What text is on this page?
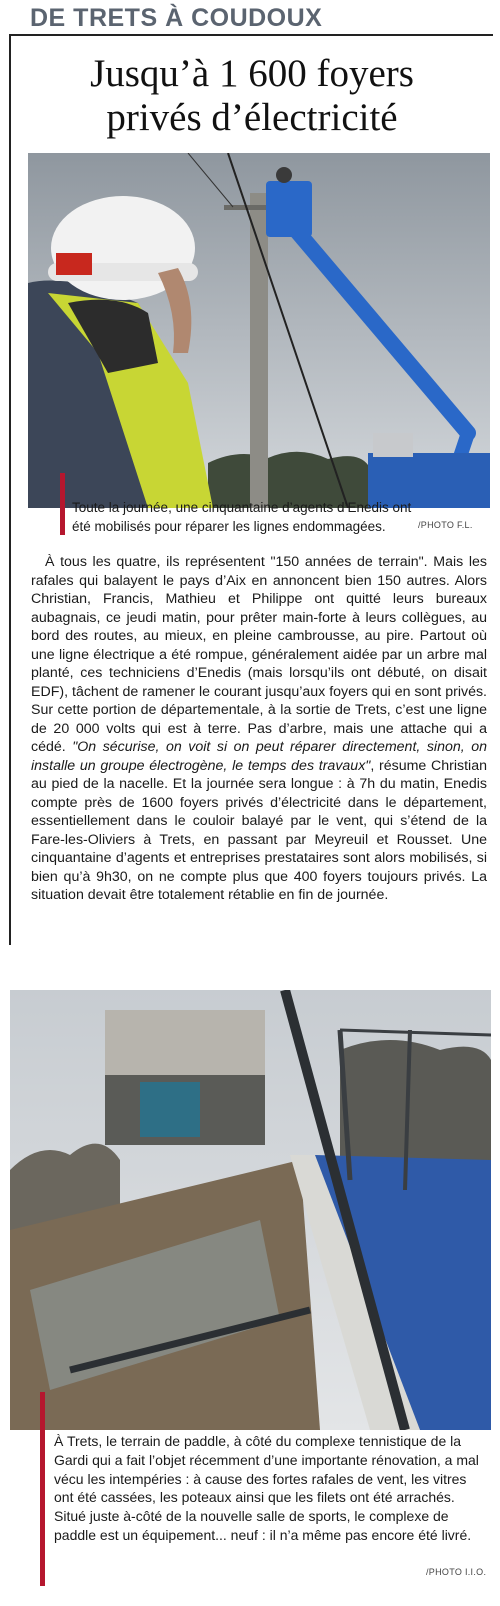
DE TRETS À COUDOUX
Jusqu’à 1 600 foyers
privés d’électricité
Toute la journée, une cinquantaine d’agents d’Enedis ont été mobilisés pour réparer les lignes endommagées.	/PHOTO F.L.

À tous les quatre, ils représentent "150 années de terrain". Mais les rafales qui balayent le pays d’Aix en annoncent bien 150 autres. Alors Christian, Francis, Mathieu et Philippe ont quitté leurs bureaux aubagnais, ce jeudi matin, pour prêter main-forte à leurs collègues, au bord des routes, au mieux, en pleine cambrousse, au pire. Partout où une ligne électrique a été rompue, généralement aidée par un arbre mal planté, ces techniciens d’Enedis (mais lorsqu’ils ont débuté, on disait EDF), tâchent de ramener le courant jusqu’aux foyers qui en sont privés. Sur cette portion de départementale, à la sortie de Trets, c’est une ligne de 20 000 volts qui est à terre. Pas d’arbre, mais une attache qui a cédé. "On sécurise, on voit si on peut réparer directement, sinon, on installe un groupe électrogène, le temps des travaux", résume Christian au pied de la nacelle. Et la journée sera longue : à 7h du matin, Enedis compte près de 1600 foyers privés d’électricité dans le département, essentiellement dans le couloir balayé par le vent, qui s’étend de la Fare-les-Oliviers à Trets, en passant par Meyreuil et Rousset. Une cinquantaine d’agents et entreprises prestataires sont alors mobilisés, si bien qu’à 9h30, on ne compte plus que 400 foyers toujours privés. La situation devait être totalement rétablie en fin de journée.

À Trets, le terrain de paddle, à côté du complexe tennistique de la Gardi qui a fait l’objet récemment d’une importante rénovation, a mal vécu les intempéries : à cause des fortes rafales de vent, les vitres ont été cassées, les poteaux ainsi que les filets ont été arrachés. Situé juste à-côté de la nouvelle salle de sports, le complexe de paddle est un équipement... neuf : il n’a même pas encore été livré.
/PHOTO I.I.O.
